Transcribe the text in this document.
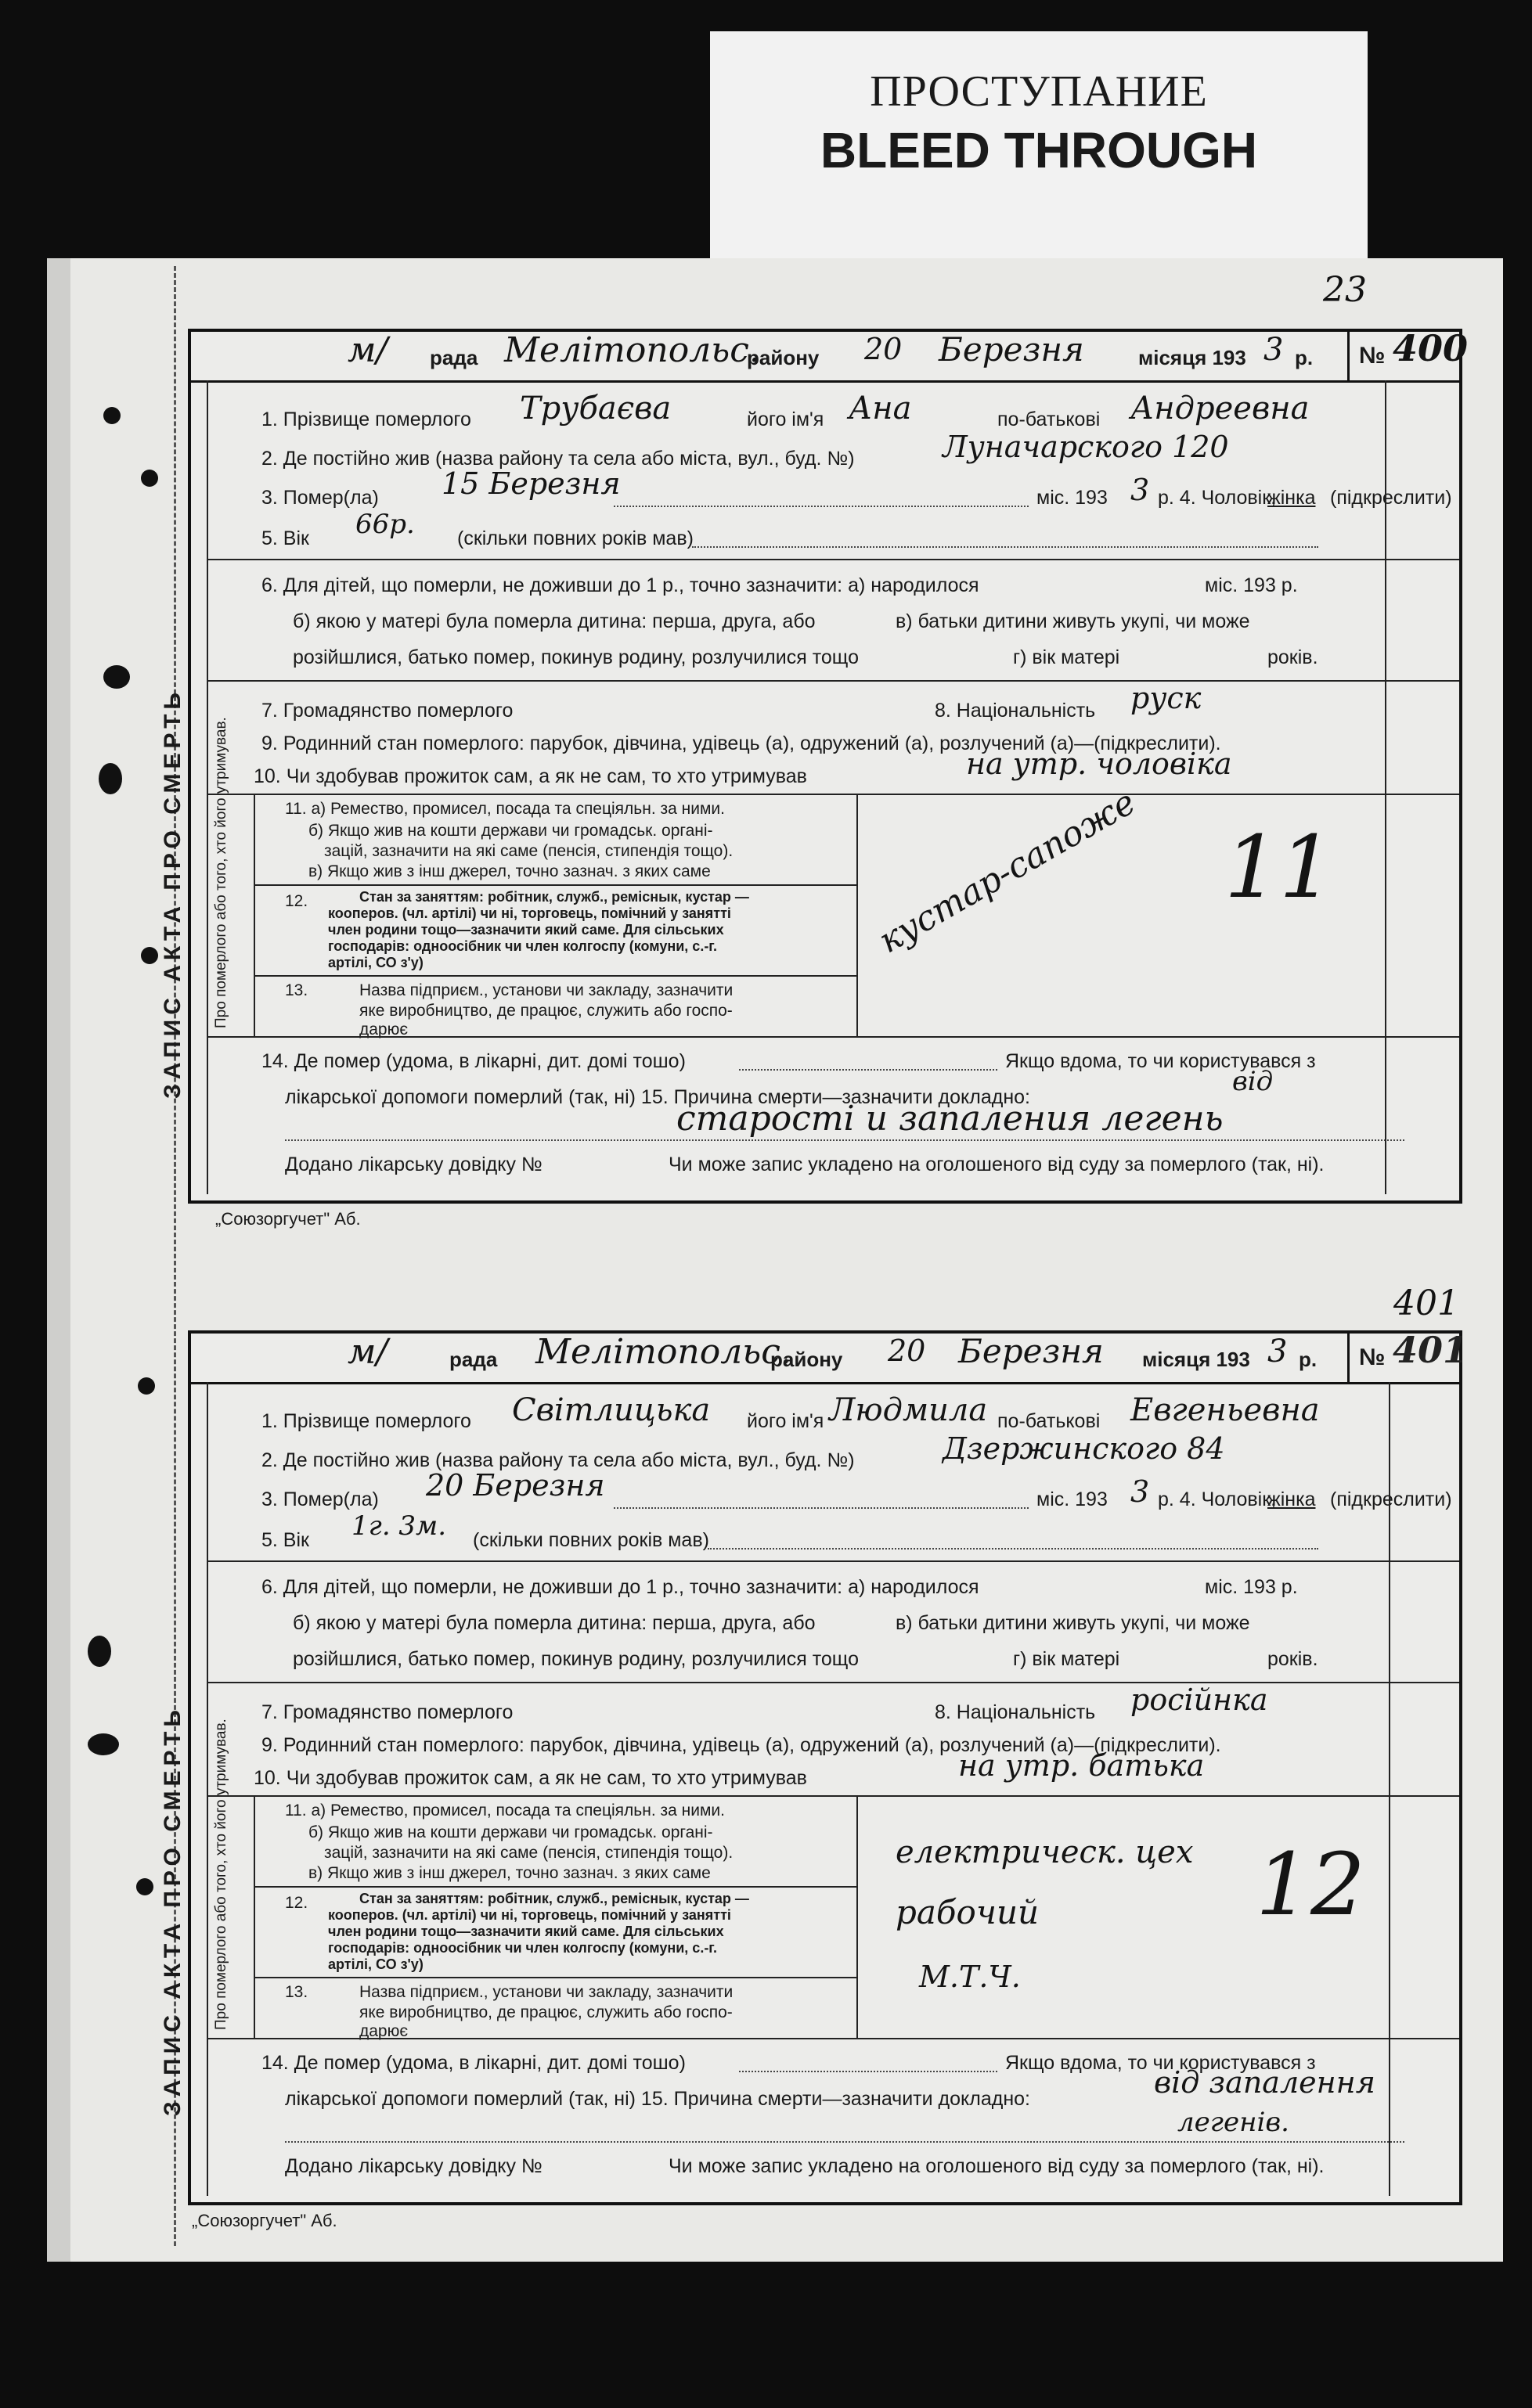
ПРОСТУПАНИЕ
BLEED THROUGH
23
401
м/ рада Мелітопольс.
району 20 Березня	місяця 193 3 р. № 400
ЗАПИС АКТА ПРО СМЕРТЬ
1. Прізвище померлого Трубаєва	його ім'я Ана	по-батькові Андреевна
2. Де постійно жив (назва району та села або міста, вул., буд. №)	Луначарского 120
3. Помер(ла) 15 Березня	міс. 193 3 р. 4. Чоловік,
жінка (підкреслити)
5. Вік 66р. (скільки повних років мав)
6. Для дітей, що померли, не доживши до 1 р., точно зазначити: а) народилося	міс. 193 р.
б) якою у матері була померла дитина: перша, друга, або	в) батьки дитини живуть укупі, чи може
розійшлися, батько помер, покинув родину, розлучилися тощо	г) вік матері	років.
7. Громадянство померлого	8. Національність руск
9. Родинний стан померлого: парубок, дівчина, удівець (а), одружений (а), розлучений (а)—(підкреслити).
10. Чи здобував прожиток сам, а як не сам, то хто утримував	на утр. чоловіка
Про померлого або того, хто його утримував.	11. а) Ремество, промисел, посада та спеціяльн. за ними.
б) Якщо жив на кошти держави чи громадськ. органі-
зацій, зазначити на які саме (пенсія, стипендія тощо).
в) Якщо жив з інш джерел, точно зазнач. з яких саме
12.	Стан за заняттям: робітник, служб., реміснык, кустар —
кооперов. (чл. артілі) чи ні, торговець, помічний у занятті
член родини тощо—зазначити який саме. Для сільських
господарів: одноосібник чи член колгоспу (комуни, с.-г.
артілі, СО з'у)
13.	Назва підприєм., установи чи закладу, зазначити
яке виробництво, де працює, служить або госпо-
дарює
кустар-сапоже 11
14. Де помер (удома, в лікарні, дит. домі тошо)	Якщо вдома, то чи користувався з
лікарської допомоги померлий (так, ні) 15. Причина смерти—зазначити докладно:	від
старості и запаления легень
Додано лікарську довідку №	Чи може запис укладено на оголошеного від суду за померлого (так, ні).
„Союзоргучет" Аб.
м/	рада Мелітопольс.
району 20 Березня місяця 193 3 р. № 401
ЗАПИС АКТА ПРО СМЕРТЬ
1. Прізвище померлого Світлицька його ім'я Людмила по-батькові Евгеньевна
2. Де постійно жив (назва району та села або міста, вул., буд. №)	Дзержинского 84
3. Помер(ла) 20 Березня	міс. 193 3 р. 4. Чоловік,
жінка (підкреслити)
5. Вік 1г. 3м. (скільки повних років мав)
6. Для дітей, що померли, не доживши до 1 р., точно зазначити: а) народилося	міс. 193 р.
б) якою у матері була померла дитина: перша, друга, або	в) батьки дитини живуть укупі, чи може
розійшлися, батько помер, покинув родину, розлучилися тощо	г) вік матері	років.
7. Громадянство померлого	8. Національність російнка
9. Родинний стан померлого: парубок, дівчина, удівець (а), одружений (а), розлучений (а)—(підкреслити).
10. Чи здобував прожиток сам, а як не сам, то хто утримував	на утр. батька
Про померлого або того, хто його утримував.	11. а) Ремество, промисел, посада та спеціяльн. за ними.
б) Якщо жив на кошти держави чи громадськ. органі-
зацій, зазначити на які саме (пенсія, стипендія тощо).
в) Якщо жив з інш джерел, точно зазнач. з яких саме
12.	Стан за заняттям: робітник, служб., реміснык, кустар —
кооперов. (чл. артілі) чи ні, торговець, помічний у занятті
член родини тощо—зазначити який саме. Для сільських
господарів: одноосібник чи член колгоспу (комуни, с.-г.
артілі, СО з'у)
13.	Назва підприєм., установи чи закладу, зазначити
яке виробництво, де працює, служить або госпо-
дарює
електрическ. цех
рабочий
М.Т.Ч.
12
14. Де помер (удома, в лікарні, дит. домі тошо)	Якщо вдома, то чи користувався з
лікарської допомоги померлий (так, ні) 15. Причина смерти—зазначити докладно:	від запалення
легенів.
Додано лікарську довідку №	Чи може запис укладено на оголошеного від суду за померлого (так, ні).
„Союзоргучет" Аб.
